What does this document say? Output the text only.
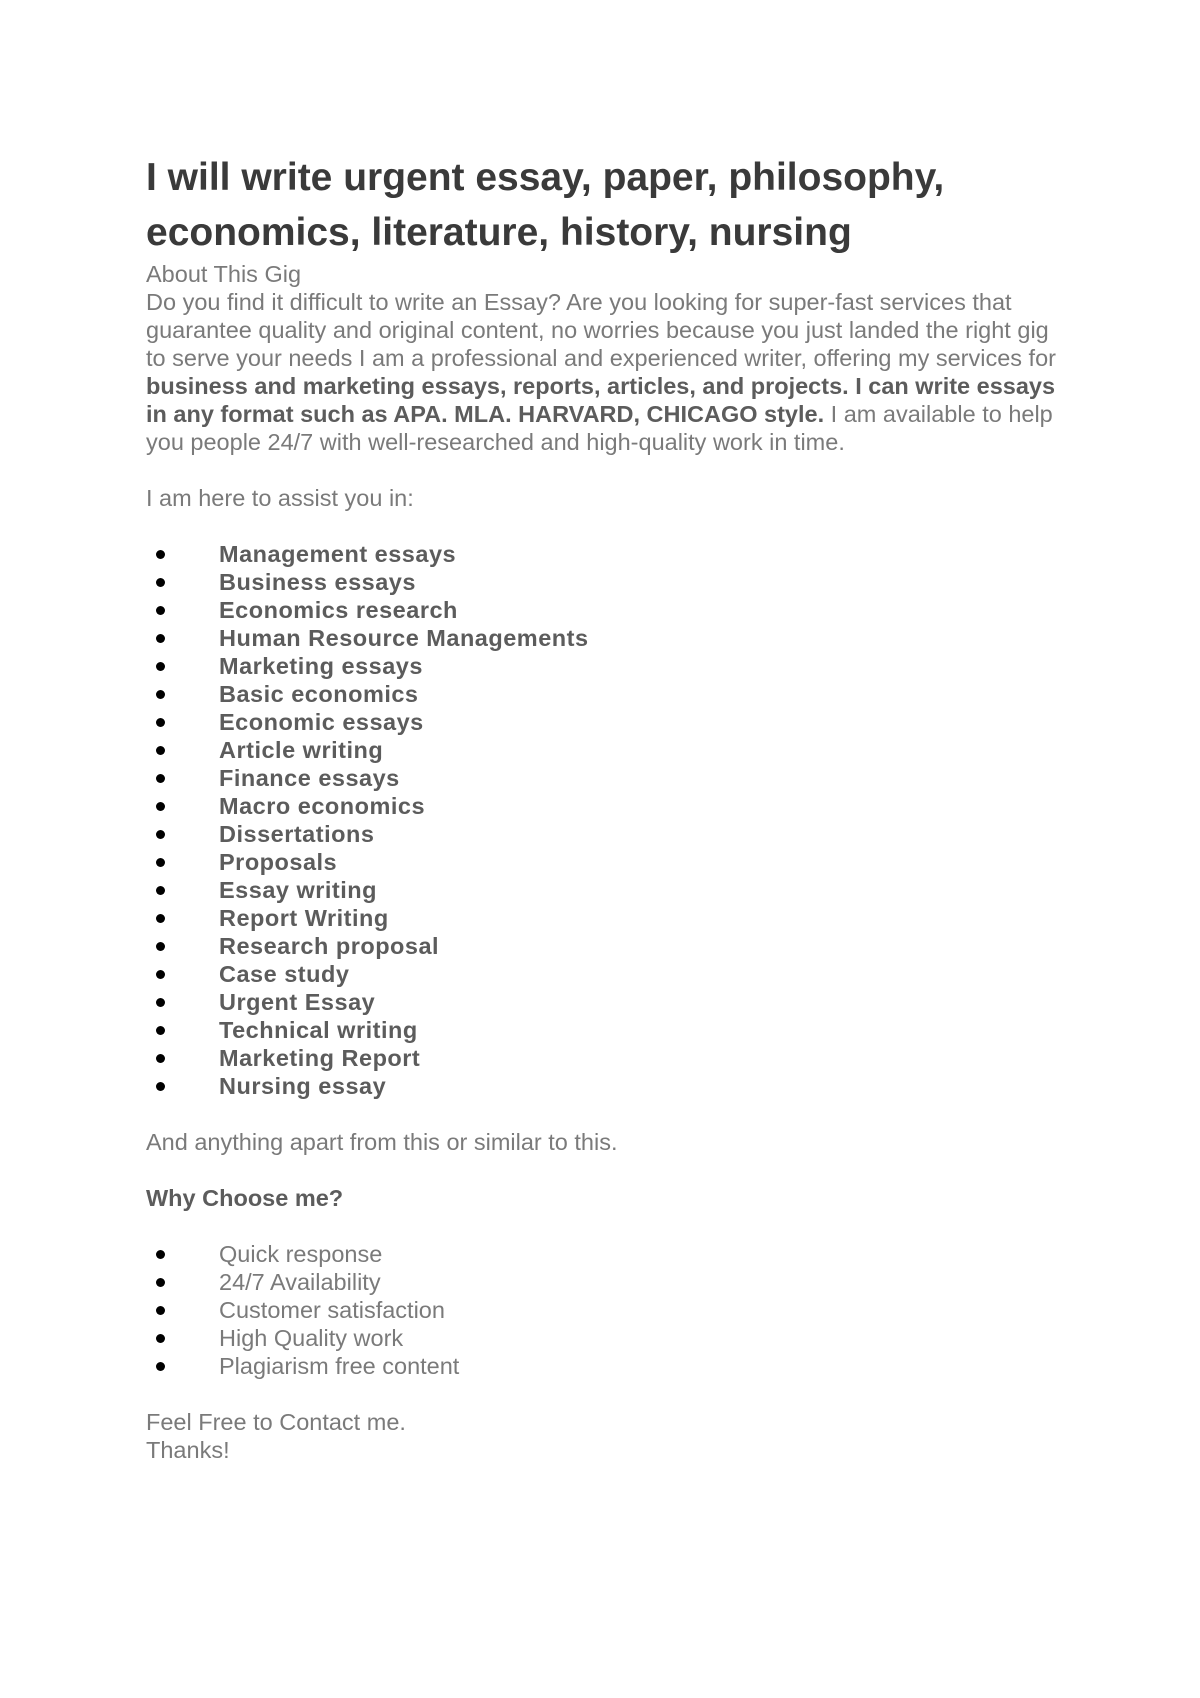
I will write urgent essay, paper, philosophy, economics, literature, history, nursing

About This Gig

Do you find it difficult to write an Essay? Are you looking for super-fast services that guarantee quality and original content, no worries because you just landed the right gig to serve your needs I am a professional and experienced writer, offering my services for business and marketing essays, reports, articles, and projects. I can write essays in any format such as APA. MLA. HARVARD, CHICAGO style. I am available to help you people 24/7 with well-researched and high-quality work in time.

I am here to assist you in:

Management essays
Business essays
Economics research
Human Resource Managements
Marketing essays
Basic economics
Economic essays
Article writing
Finance essays
Macro economics
Dissertations
Proposals
Essay writing
Report Writing
Research proposal
Case study
Urgent Essay
Technical writing
Marketing Report
Nursing essay

And anything apart from this or similar to this.

Why Choose me?

Quick response
24/7 Availability
Customer satisfaction
High Quality work
Plagiarism free content

Feel Free to Contact me.

Thanks!
